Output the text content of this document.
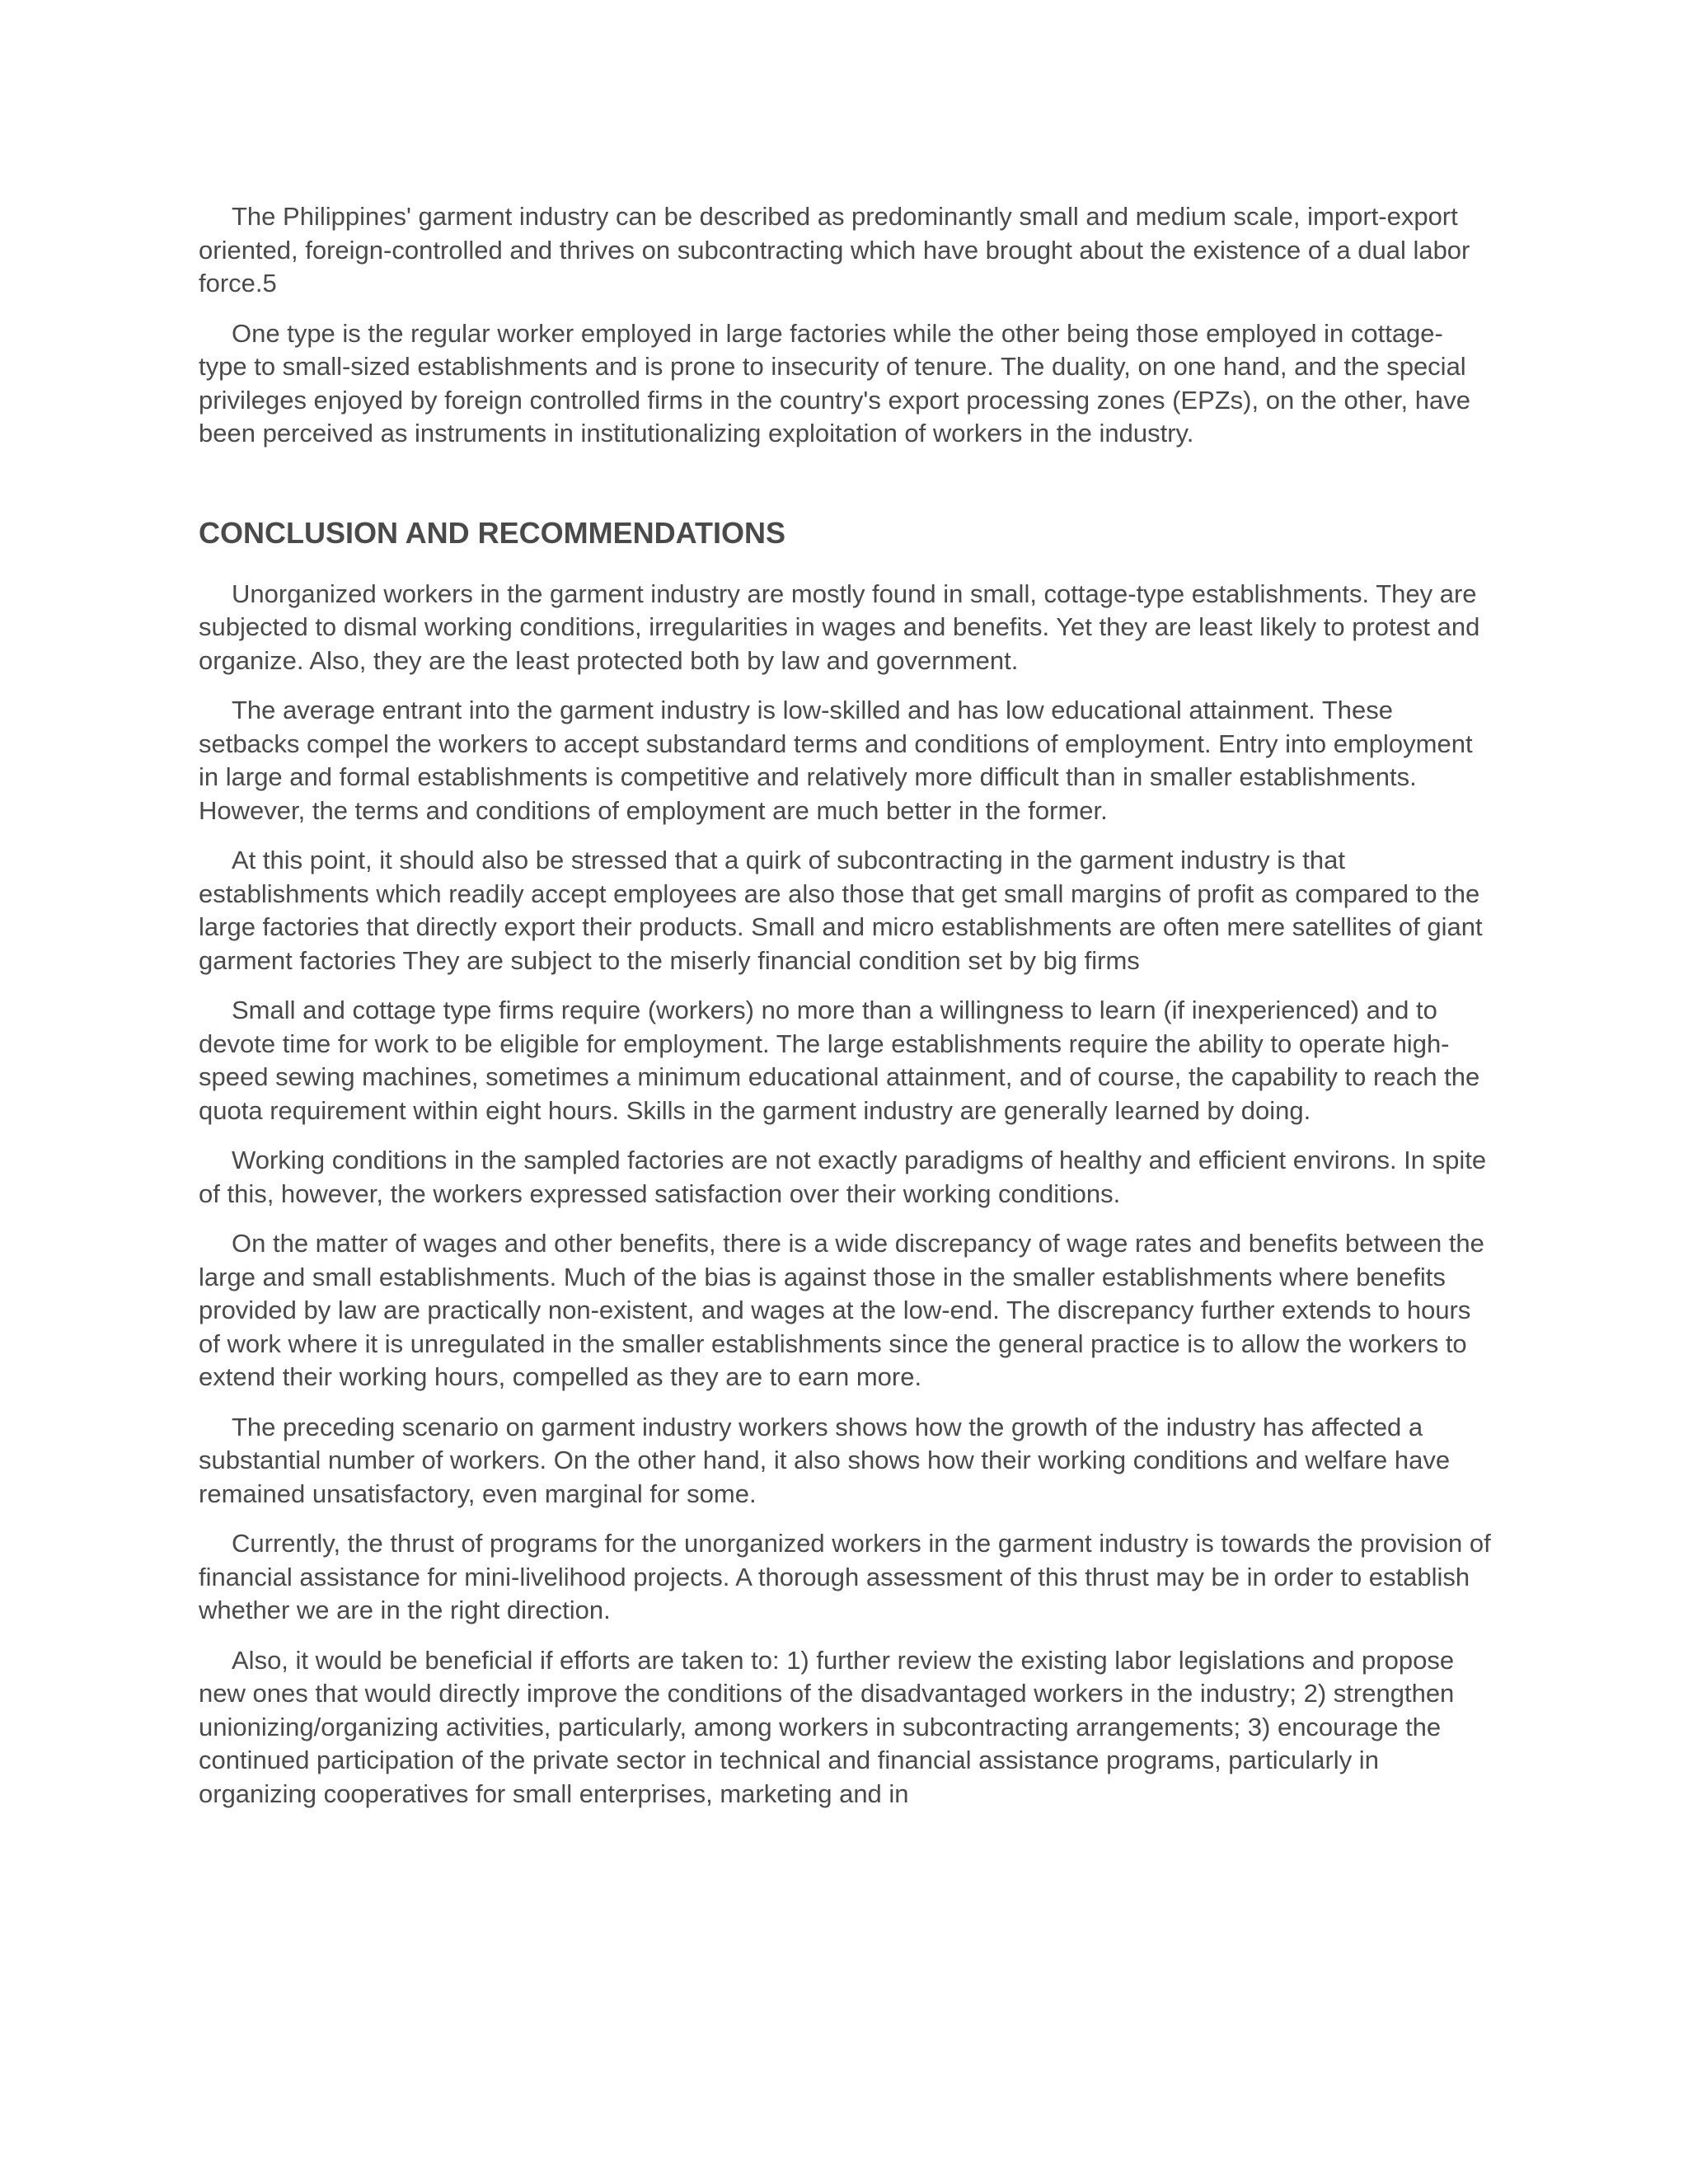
The Philippines' garment industry can be described as predominantly small and medium scale, import-export oriented, foreign-controlled and thrives on subcontracting which have brought about the existence of a dual labor force.5

One type is the regular worker employed in large factories while the other being those employed in cottage-type to small-sized establishments and is prone to insecurity of tenure. The duality, on one hand, and the special privileges enjoyed by foreign controlled firms in the country's export processing zones (EPZs), on the other, have been perceived as instruments in institutionalizing exploitation of workers in the industry.

CONCLUSION AND RECOMMENDATIONS

Unorganized workers in the garment industry are mostly found in small, cottage-type establishments. They are subjected to dismal working conditions, irregularities in wages and benefits. Yet they are least likely to protest and organize. Also, they are the least protected both by law and government.

The average entrant into the garment industry is low-skilled and has low educational attainment. These setbacks compel the workers to accept substandard terms and conditions of employment. Entry into employment in large and formal establishments is competitive and relatively more difficult than in smaller establishments. However, the terms and conditions of employment are much better in the former.

At this point, it should also be stressed that a quirk of subcontracting in the garment industry is that establishments which readily accept employees are also those that get small margins of profit as compared to the large factories that directly export their products. Small and micro establishments are often mere satellites of giant garment factories They are subject to the miserly financial condition set by big firms

Small and cottage type firms require (workers) no more than a willingness to learn (if inexperienced) and to devote time for work to be eligible for employment. The large establishments require the ability to operate high-speed sewing machines, sometimes a minimum educational attainment, and of course, the capability to reach the quota requirement within eight hours. Skills in the garment industry are generally learned by doing.

Working conditions in the sampled factories are not exactly paradigms of healthy and efficient environs. In spite of this, however, the workers expressed satisfaction over their working conditions.

On the matter of wages and other benefits, there is a wide discrepancy of wage rates and benefits between the large and small establishments. Much of the bias is against those in the smaller establishments where benefits provided by law are practically non-existent, and wages at the low-end. The discrepancy further extends to hours of work where it is unregulated in the smaller establishments since the general practice is to allow the workers to extend their working hours, compelled as they are to earn more.

The preceding scenario on garment industry workers shows how the growth of the industry has affected a substantial number of workers. On the other hand, it also shows how their working conditions and welfare have remained unsatisfactory, even marginal for some.

Currently, the thrust of programs for the unorganized workers in the garment industry is towards the provision of financial assistance for mini-livelihood projects. A thorough assessment of this thrust may be in order to establish whether we are in the right direction.

Also, it would be beneficial if efforts are taken to: 1) further review the existing labor legislations and propose new ones that would directly improve the conditions of the disadvantaged workers in the industry; 2) strengthen unionizing/organizing activities, particularly, among workers in subcontracting arrangements; 3) encourage the continued participation of the private sector in technical and financial assistance programs, particularly in organizing cooperatives for small enterprises, marketing and in
